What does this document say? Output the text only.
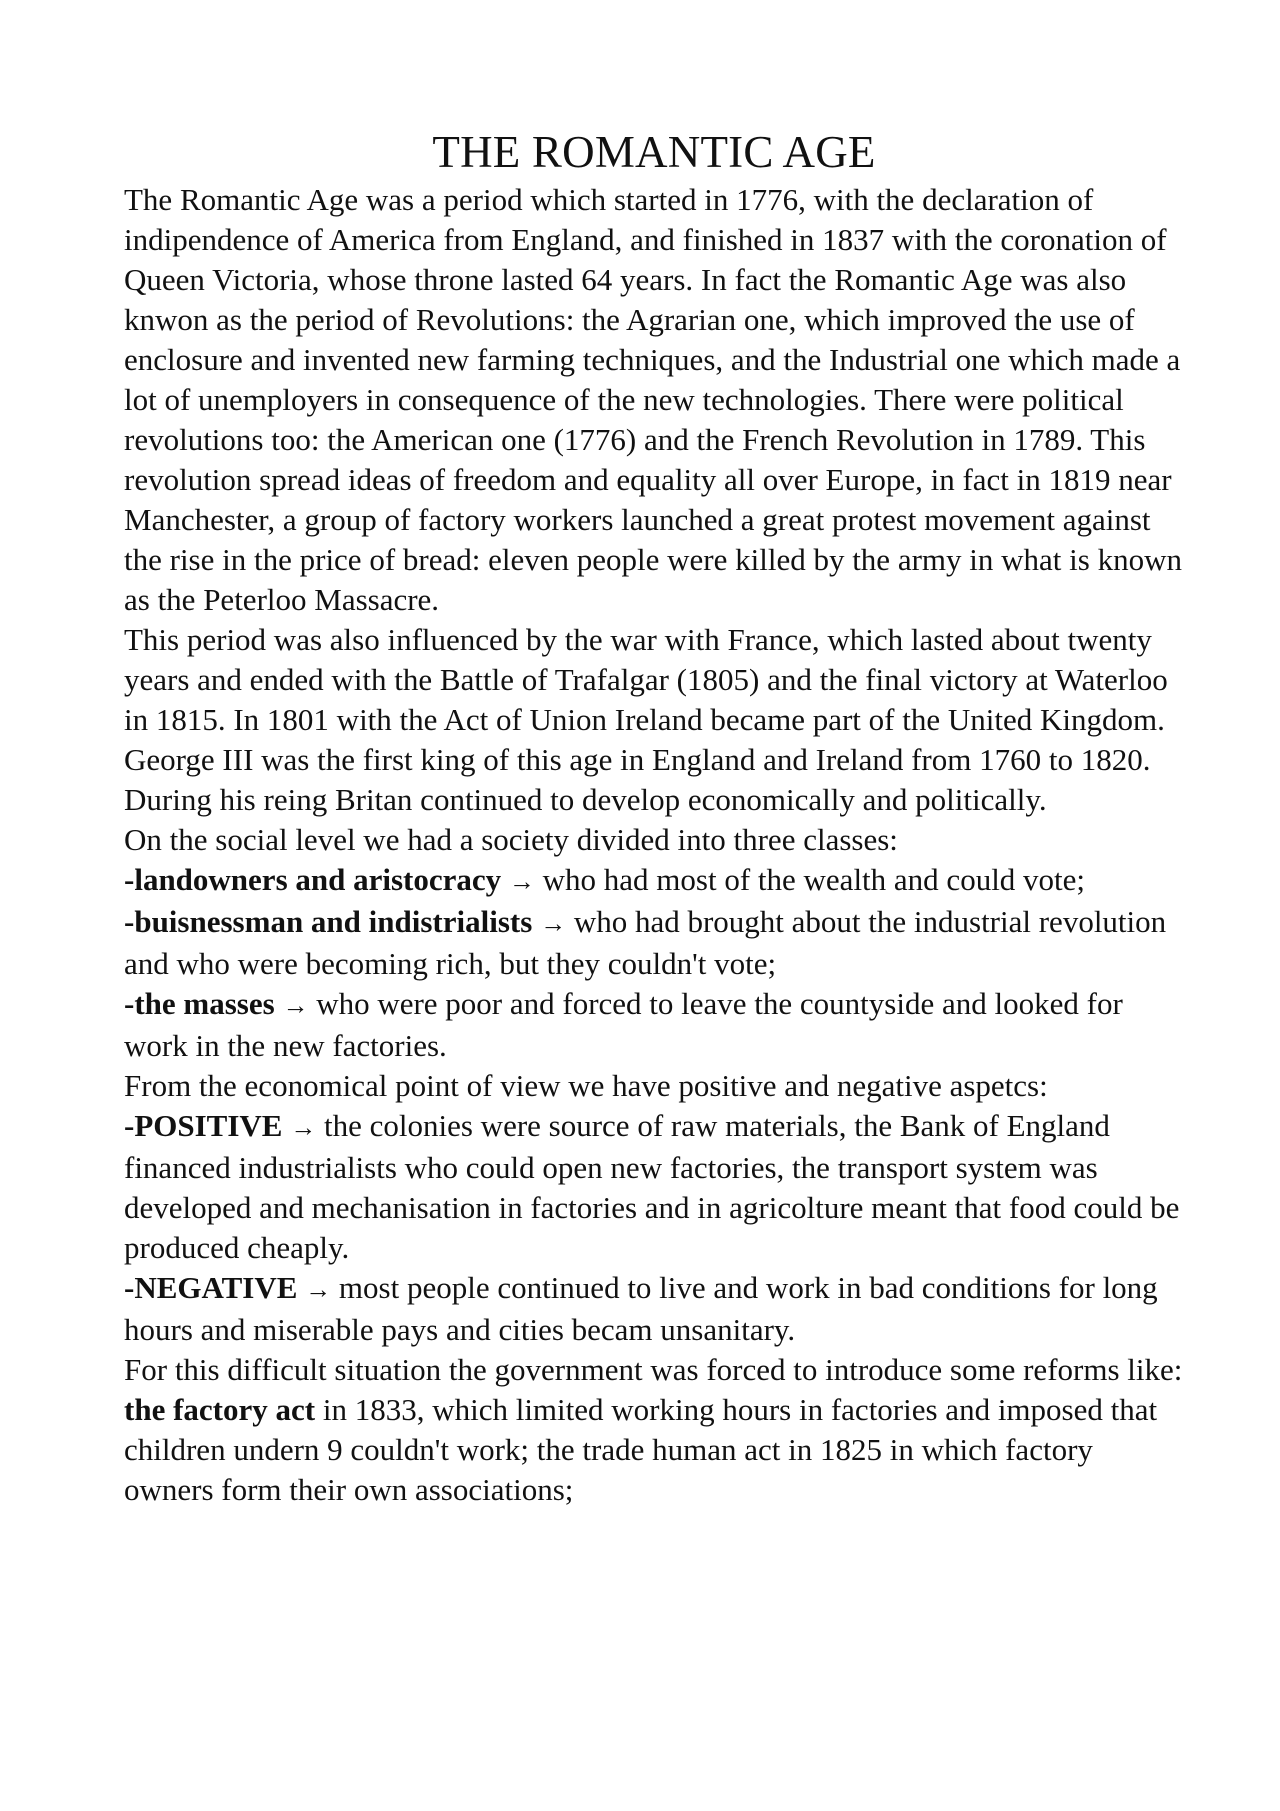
THE ROMANTIC AGE

The Romantic Age was a period which started in 1776, with the declaration of indipendence of America from England, and finished in 1837 with the coronation of Queen Victoria, whose throne lasted 64 years. In fact the Romantic Age was also knwon as the period of Revolutions: the Agrarian one, which improved the use of enclosure and invented new farming techniques, and the Industrial one which made a lot of unemployers in consequence of the new technologies. There were political revolutions too: the American one (1776) and the French Revolution in 1789. This revolution spread ideas of freedom and equality all over Europe, in fact in 1819 near Manchester, a group of factory workers launched a great protest movement against the rise in the price of bread: eleven people were killed by the army in what is known as the Peterloo Massacre.

This period was also influenced by the war with France, which lasted about twenty years and ended with the Battle of Trafalgar (1805) and the final victory at Waterloo in 1815. In 1801 with the Act of Union Ireland became part of the United Kingdom.

George III was the first king of this age in England and Ireland from 1760 to 1820. During his reing Britan continued to develop economically and politically.

On the social level we had a society divided into three classes:

-landowners and aristocracy → who had most of the wealth and could vote;

-buisnessman and indistrialists → who had brought about the industrial revolution and who were becoming rich, but they couldn't vote;

-the masses → who were poor and forced to leave the countyside and looked for work in the new factories.

From the economical point of view we have positive and negative aspetcs:

-POSITIVE → the colonies were source of raw materials, the Bank of England financed industrialists who could open new factories, the transport system was developed and mechanisation in factories and in agricolture meant that food could be produced cheaply.

-NEGATIVE → most people continued to live and work in bad conditions for long hours and miserable pays and cities becam unsanitary.

For this difficult situation the government was forced to introduce some reforms like: the factory act in 1833, which limited working hours in factories and imposed that children undern 9 couldn't work; the trade human act in 1825 in which factory owners form their own associations;
